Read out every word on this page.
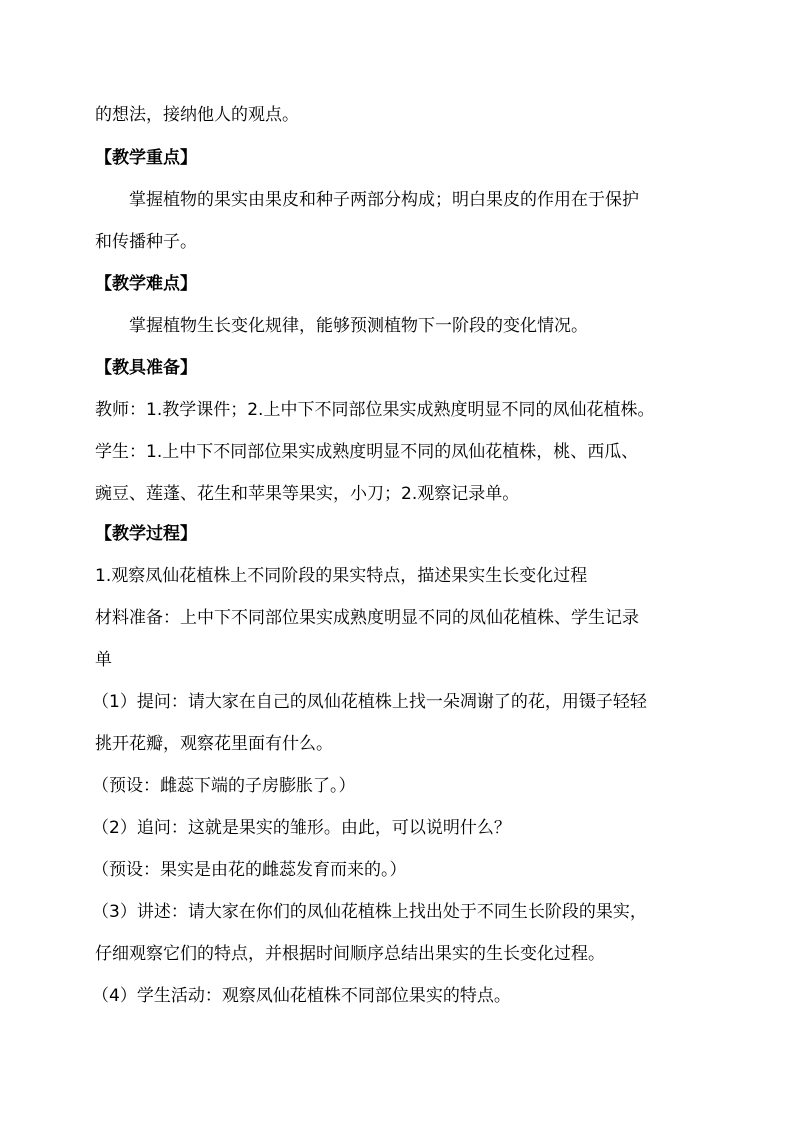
的想法，接纳他人的观点。
【教学重点】
掌握植物的果实由果皮和种子两部分构成；明白果皮的作用在于保护
和传播种子。
【教学难点】
掌握植物生长变化规律，能够预测植物下一阶段的变化情况。
【教具准备】
教师：1.教学课件；2.上中下不同部位果实成熟度明显不同的凤仙花植株。
学生：1.上中下不同部位果实成熟度明显不同的凤仙花植株，桃、西瓜、
豌豆、莲蓬、花生和苹果等果实，小刀；2.观察记录单。
【教学过程】
1.观察凤仙花植株上不同阶段的果实特点，描述果实生长变化过程
材料准备：上中下不同部位果实成熟度明显不同的凤仙花植株、学生记录
单
（1）提问：请大家在自己的凤仙花植株上找一朵凋谢了的花，用镊子轻轻
挑开花瓣，观察花里面有什么。
（预设：雌蕊下端的子房膨胀了。）
（2）追问：这就是果实的雏形。由此，可以说明什么？
（预设：果实是由花的雌蕊发育而来的。）
（3）讲述：请大家在你们的凤仙花植株上找出处于不同生长阶段的果实，
仔细观察它们的特点，并根据时间顺序总结出果实的生长变化过程。
（4）学生活动：观察凤仙花植株不同部位果实的特点。
